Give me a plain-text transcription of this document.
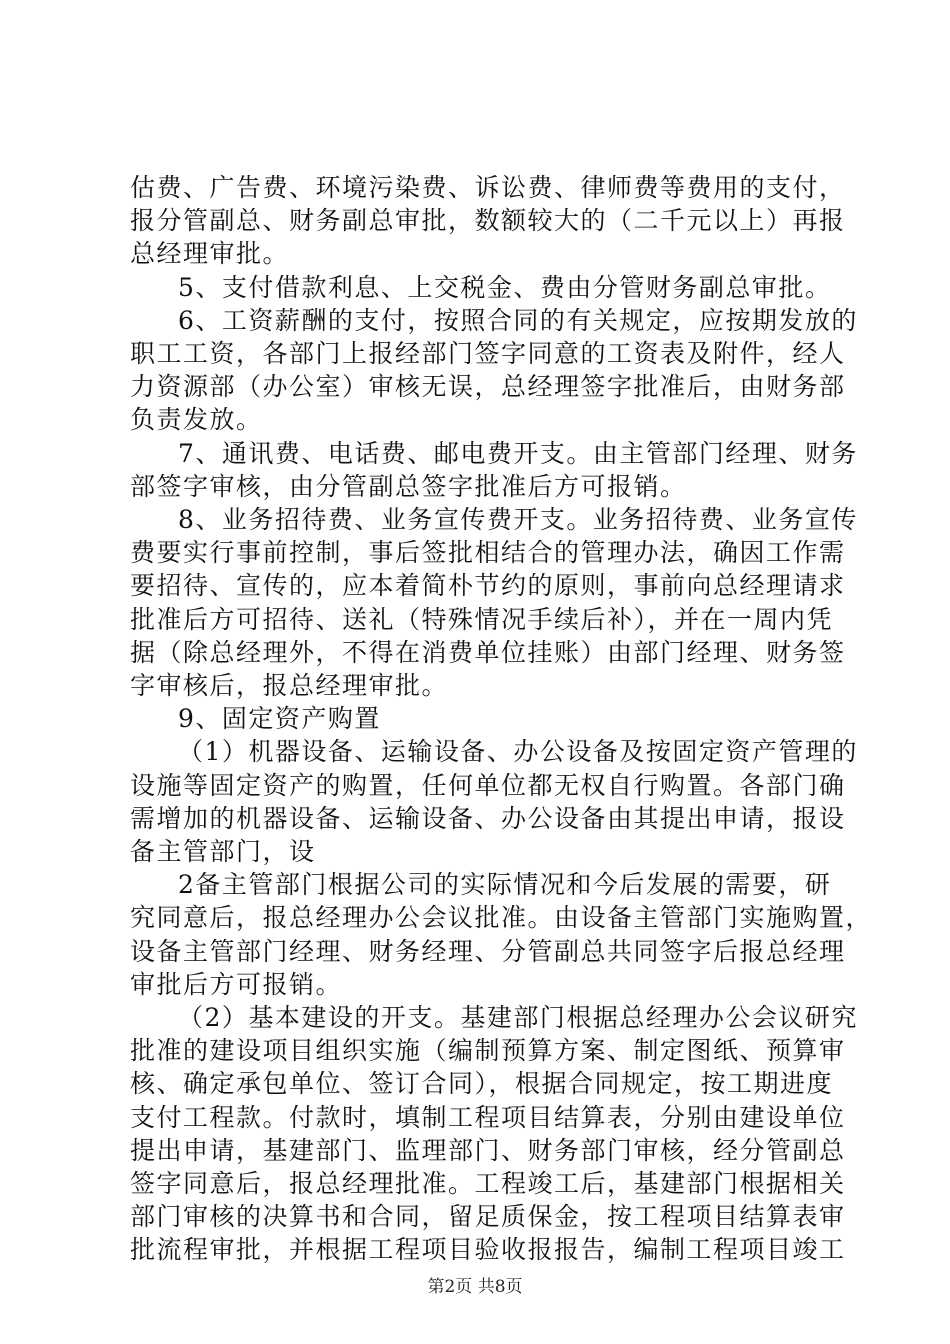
估费、广告费、环境污染费、诉讼费、律师费等费用的支付，
报分管副总、财务副总审批，数额较大的（二千元以上）再报
总经理审批。
5、支付借款利息、上交税金、费由分管财务副总审批。
6、工资薪酬的支付，按照合同的有关规定，应按期发放的
职工工资，各部门上报经部门签字同意的工资表及附件，经人
力资源部（办公室）审核无误，总经理签字批准后，由财务部
负责发放。
7、通讯费、电话费、邮电费开支。由主管部门经理、财务
部签字审核，由分管副总签字批准后方可报销。
8、业务招待费、业务宣传费开支。业务招待费、业务宣传
费要实行事前控制，事后签批相结合的管理办法，确因工作需
要招待、宣传的，应本着简朴节约的原则，事前向总经理请求
批准后方可招待、送礼（特殊情况手续后补），并在一周内凭
据（除总经理外，不得在消费单位挂账）由部门经理、财务签
字审核后，报总经理审批。
9、固定资产购置
（1）机器设备、运输设备、办公设备及按固定资产管理的
设施等固定资产的购置，任何单位都无权自行购置。各部门确
需增加的机器设备、运输设备、办公设备由其提出申请，报设
备主管部门，设
2备主管部门根据公司的实际情况和今后发展的需要，研
究同意后，报总经理办公会议批准。由设备主管部门实施购置，
设备主管部门经理、财务经理、分管副总共同签字后报总经理
审批后方可报销。
（2）基本建设的开支。基建部门根据总经理办公会议研究
批准的建设项目组织实施（编制预算方案、制定图纸、预算审
核、确定承包单位、签订合同），根据合同规定，按工期进度
支付工程款。付款时，填制工程项目结算表，分别由建设单位
提出申请，基建部门、监理部门、财务部门审核，经分管副总
签字同意后，报总经理批准。工程竣工后，基建部门根据相关
部门审核的决算书和合同，留足质保金，按工程项目结算表审
批流程审批，并根据工程项目验收报报告，编制工程项目竣工
第2页 共8页
